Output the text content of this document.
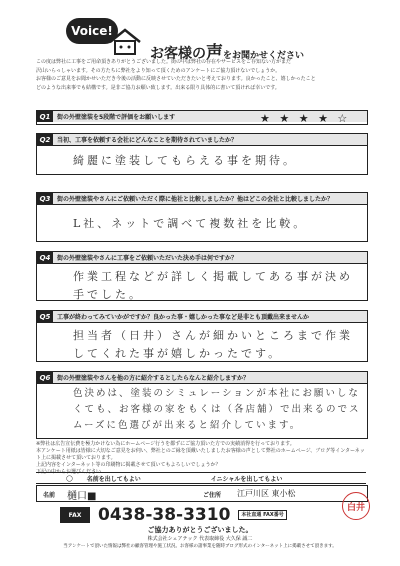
Voice!
お客様の声をお聞かせください
この度は弊社に工事をご用命頂きありがとうございました。街の中は弊社の存在やサービスをご存知ない方がまだ
沢山いらっしゃいます。その方たちに弊社をより知って頂くためのアンケートにご協力頂けないでしょうか。
お客様のご意見をお聞かせいただき今後の活動に反映させていただきたいと考えております。良かったこと、嬉しかったこと
どのような出来事でも結構です。是非ご協力お願い致します。出来る限り具体的に書いて頂ければ幸いです。
Q1	街の外壁塗装を5段階で評価をお願いします	★ ★ ★ ★ ☆
Q2	当初、工事を依頼する会社にどんなことを期待されていましたか？
綺麗に塗装してもらえる事を期待。
Q3	街の外壁塗装やさんにご依頼いただく際に他社と比較しましたか？他はどこの会社と比較しましたか？
L社、ネットで調べて複数社を比較。
Q4	街の外壁塗装やさんに工事をご依頼いただいた決め手は何ですか？
作業工程などが詳しく掲載してある事が決め手でした。
Q5	工事が終わってみていかがですか？良かった事・嬉しかった事など是非とも頂戴出来ませんか
担当者（日井）さんが細かいところまで作業してくれた事が嬉しかったです。
Q6	街の外壁塗装やさんを他の方に紹介するとしたらなんと紹介しますか？
色決めは、塗装のシミュレーションが本社にお願いしなくても、お客様の家をもくは（各店舗）で出来るのでスムーズに色選びが出来ると紹介しています。
※弊社は広告宣伝費を極力かけない為にホームページ行うを都ずにご協力頂いた方での実績消得を行っております。
本アンケート用紙は皆様に大切なご意見をお伺い、弊社とのご縁を頂戴いたしましたお客様の声として弊社のホームページ、ブログ等インターネット上に掲載させて頂いております。
上記内容をインターネット等の印刷物に掲載させて頂いてもよろしいでしょうか？
下記の中からお選びください
◯ 名前を出してもよい	イニシャルを出してもよい
名前 樋口■	ご住所 江戸川区 東小松
FAX 0438-38-3310	本社直通 FAX番号
ご協力ありがとうございました。
株式会社シェアテック 代表取締役 大久保 誠二
当アンケートで頂いた情報は弊社の顧客管理や施工状況、お客様の諸事業を随時ブログ形式のインターネット上に掲載させて頂きます。
白井
